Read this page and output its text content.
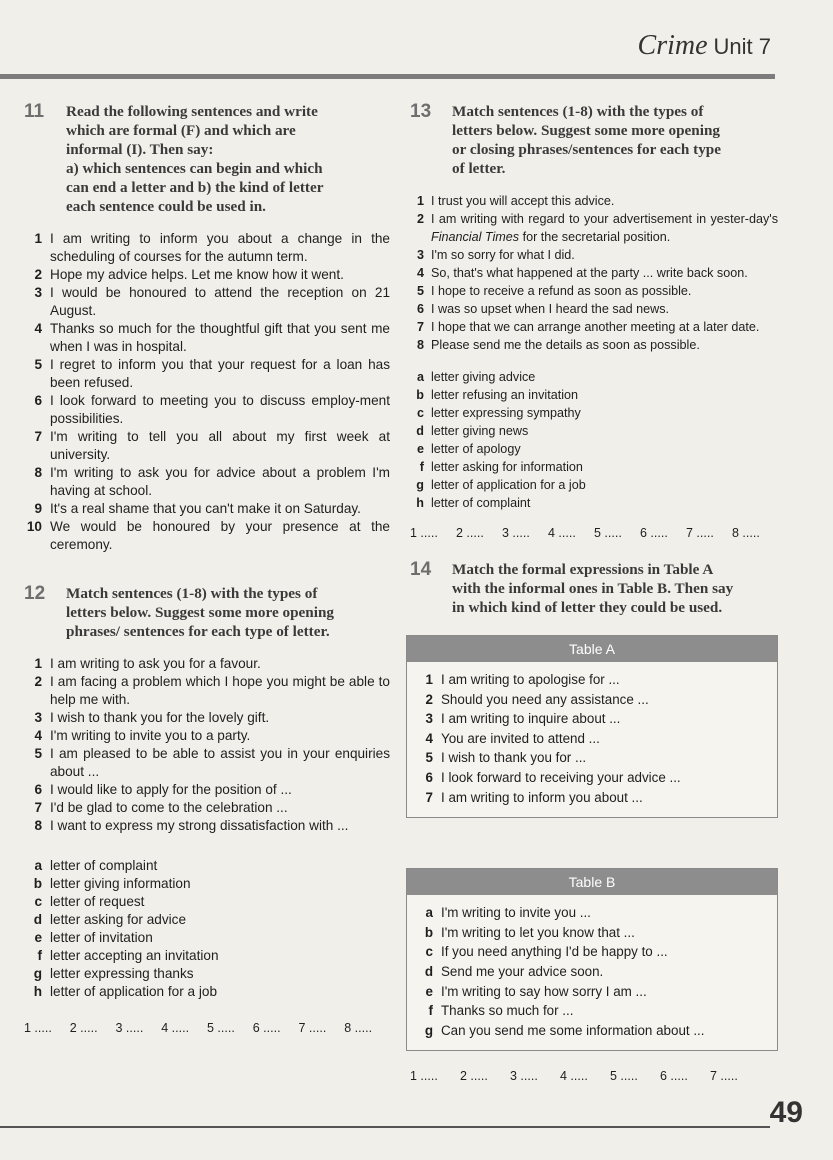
Crime Unit 7
11	Read the following sentences and write
which are formal (F) and which are
informal (I). Then say:
a) which sentences can begin and which
can end a letter and b) the kind of letter
each sentence could be used in.
1 I am writing to inform you about a change in the scheduling of courses for the autumn term.
2 Hope my advice helps. Let me know how it went.
3 I would be honoured to attend the reception on 21 August.
4 Thanks so much for the thoughtful gift that you sent me when I was in hospital.
5 I regret to inform you that your request for a loan has been refused.
6 I look forward to meeting you to discuss employ-ment possibilities.
7 I'm writing to tell you all about my first week at university.
8 I'm writing to ask you for advice about a problem I'm having at school.
9 It's a real shame that you can't make it on Saturday.
10 We would be honoured by your presence at the ceremony.
12	Match sentences (1-8) with the types of
letters below. Suggest some more opening
phrases/ sentences for each type of letter.
1 I am writing to ask you for a favour.
2 I am facing a problem which I hope you might be able to help me with.
3 I wish to thank you for the lovely gift.
4 I'm writing to invite you to a party.
5 I am pleased to be able to assist you in your enquiries about ...
6 I would like to apply for the position of ...
7 I'd be glad to come to the celebration ...
8 I want to express my strong dissatisfaction with ...
a letter of complaint
b letter giving information
c letter of request
d letter asking for advice
e letter of invitation
f letter accepting an invitation
g letter expressing thanks
h letter of application for a job
1 .....	2 .....	3 .....	4 .....	5 .....	6 .....	7 .....	8 .....
13	Match sentences (1-8) with the types of
letters below. Suggest some more opening
or closing phrases/sentences for each type
of letter.
1 I trust you will accept this advice.
2 I am writing with regard to your advertisement in yester-day's Financial Times for the secretarial position.
3 I'm so sorry for what I did.
4 So, that's what happened at the party ... write back soon.
5 I hope to receive a refund as soon as possible.
6 I was so upset when I heard the sad news.
7 I hope that we can arrange another meeting at a later date.
8 Please send me the details as soon as possible.
a letter giving advice
b letter refusing an invitation
c letter expressing sympathy
d letter giving news
e letter of apology
f letter asking for information
g letter of application for a job
h letter of complaint
1 .....	2 .....	3 .....	4 .....	5 .....	6 .....	7 .....	8 .....
14	Match the formal expressions in Table A
with the informal ones in Table B. Then say
in which kind of letter they could be used.
Table A
1 I am writing to apologise for ...
2 Should you need any assistance ...
3 I am writing to inquire about ...
4 You are invited to attend ...
5 I wish to thank you for ...
6 I look forward to receiving your advice ...
7 I am writing to inform you about ...
Table B
a I'm writing to invite you ...
b I'm writing to let you know that ...
c If you need anything I'd be happy to ...
d Send me your advice soon.
e I'm writing to say how sorry I am ...
f Thanks so much for ...
g Can you send me some information about ...
1 .....	2 .....	3 .....	4 .....	5 .....	6 .....	7 .....
49
